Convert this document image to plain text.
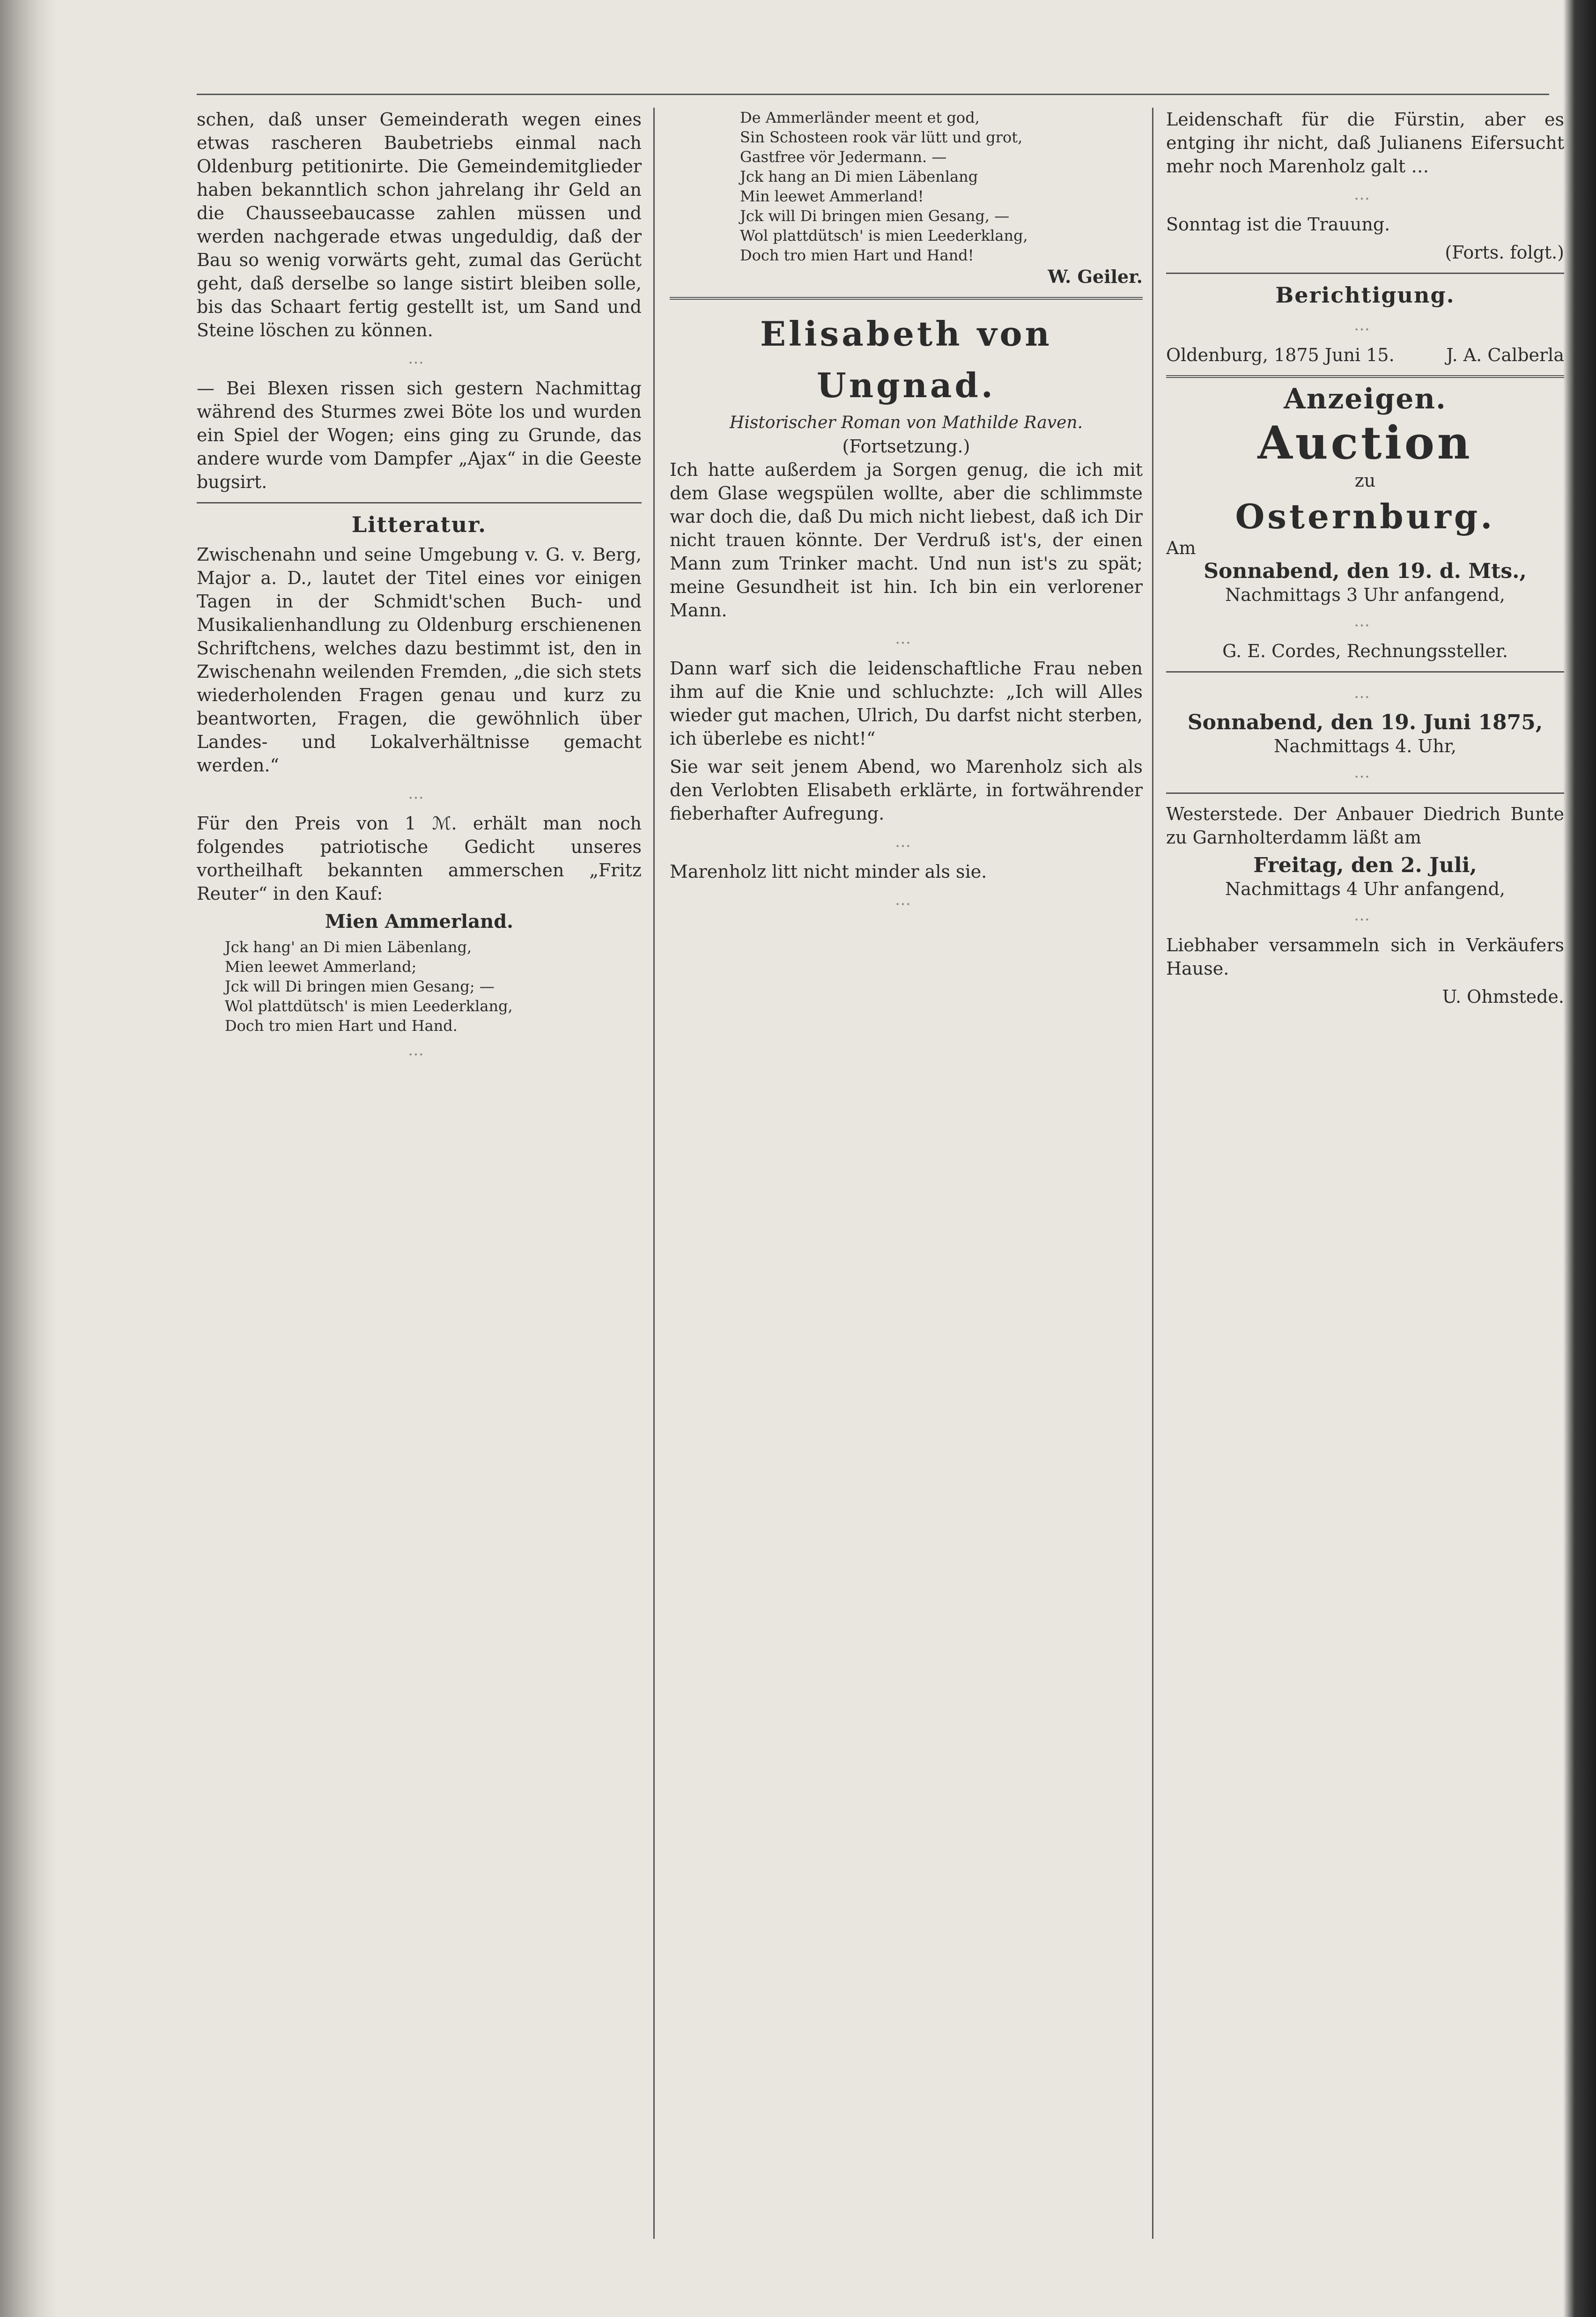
schen, daß unser Gemeinderath wegen eines etwas rascheren Baubetriebs einmal nach Oldenburg petitionirte. Die Gemeindemitglieder haben bekanntlich schon jahrelang ihr Geld an die Chausseebaucasse zahlen müssen und werden nachgerade etwas ungeduldig, daß der Bau so wenig vorwärts geht, zumal das Gerücht geht, daß derselbe so lange sistirt bleiben solle, bis das Schaart fertig gestellt ist, um Sand und Steine löschen zu können.

…

— Bei Blexen rissen sich gestern Nachmittag während des Sturmes zwei Böte los und wurden ein Spiel der Wogen; eins ging zu Grunde, das andere wurde vom Dampfer „Ajax“ in die Geeste bugsirt.

Litteratur.

Zwischenahn und seine Umgebung v. G. v. Berg, Major a. D., lautet der Titel eines vor einigen Tagen in der Schmidt'schen Buch- und Musikalienhandlung zu Oldenburg erschienenen Schriftchens, welches dazu bestimmt ist, den in Zwischenahn weilenden Fremden, „die sich stets wiederholenden Fragen genau und kurz zu beantworten, Fragen, die gewöhnlich über Landes- und Lokalverhältnisse gemacht werden.“

…

Für den Preis von 1 ℳ. erhält man noch folgendes patriotische Gedicht unseres vortheilhaft bekannten ammerschen „Fritz Reuter“ in den Kauf:

Mien Ammerland.
Jck hang' an Di mien Läbenlang,
Mien leewet Ammerland;
Jck will Di bringen mien Gesang; —
Wol plattdütsch' is mien Leederklang,
Doch tro mien Hart und Hand.
…
De Ammerländer meent et god,
Sin Schosteen rook vär lütt und grot,
Gastfree vör Jedermann. —
Jck hang an Di mien Läbenlang
Min leewet Ammerland!
Jck will Di bringen mien Gesang, —
Wol plattdütsch' is mien Leederklang,
Doch tro mien Hart und Hand!
W. Geiler.
Elisabeth von Ungnad.
Historischer Roman von Mathilde Raven.
(Fortsetzung.)

Ich hatte außerdem ja Sorgen genug, die ich mit dem Glase wegspülen wollte, aber die schlimmste war doch die, daß Du mich nicht liebest, daß ich Dir nicht trauen könnte. Der Verdruß ist's, der einen Mann zum Trinker macht. Und nun ist's zu spät; meine Gesundheit ist hin. Ich bin ein verlorener Mann.

…

Dann warf sich die leidenschaftliche Frau neben ihm auf die Knie und schluchzte: „Ich will Alles wieder gut machen, Ulrich, Du darfst nicht sterben, ich überlebe es nicht!“

Sie war seit jenem Abend, wo Marenholz sich als den Verlobten Elisabeth erklärte, in fortwährender fieberhafter Aufregung.

…

Marenholz litt nicht minder als sie.

…

Leidenschaft für die Fürstin, aber es entging ihr nicht, daß Julianens Eifersucht mehr noch Marenholz galt …

…

Sonntag ist die Trauung.

(Forts. folgt.)
Berichtigung.
…
Oldenburg, 1875 Juni 15.	J. A. Calberla
Anzeigen.
Auction
zu
Osternburg.
Am
Sonnabend, den 19. d. Mts.,
Nachmittags 3 Uhr anfangend,
…
G. E. Cordes, Rechnungssteller.
…
Sonnabend, den 19. Juni 1875,
Nachmittags 4. Uhr,
…

Westerstede. Der Anbauer Diedrich Bunte zu Garnholterdamm läßt am

Freitag, den 2. Juli,
Nachmittags 4 Uhr anfangend,
…

Liebhaber versammeln sich in Verkäufers Hause.

U. Ohmstede.
